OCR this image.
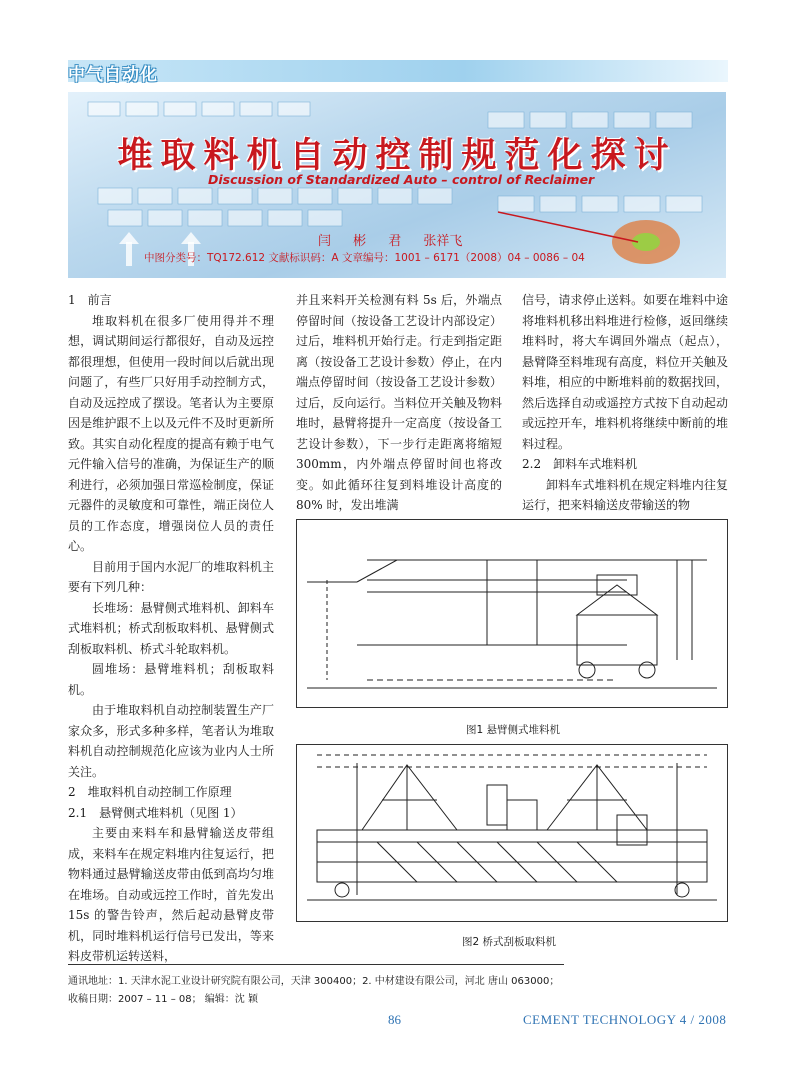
中气自动化
堆取料机自动控制规范化探讨
Discussion of Standardized Auto – control of Reclaimer
闫 彬 君 张祥飞
中图分类号：TQ172.612 文献标识码：A 文章编号：1001 – 6171（2008）04 – 0086 – 04

1　前言

堆取料机在很多厂使用得并不理想，调试期间运行都很好，自动及远控都很理想，但使用一段时间以后就出现问题了，有些厂只好用手动控制方式，自动及远控成了摆设。笔者认为主要原因是维护跟不上以及元件不及时更新所致。其实自动化程度的提高有赖于电气元件输入信号的准确，为保证生产的顺利进行，必须加强日常巡检制度，保证元器件的灵敏度和可靠性，端正岗位人员的工作态度，增强岗位人员的责任心。

目前用于国内水泥厂的堆取料机主要有下列几种：

长堆场：悬臂侧式堆料机、卸料车式堆料机；桥式刮板取料机、悬臂侧式刮板取料机、桥式斗轮取料机。

圆堆场：悬臂堆料机；刮板取料机。

由于堆取料机自动控制装置生产厂家众多，形式多种多样，笔者认为堆取料机自动控制规范化应该为业内人士所关注。

2　堆取料机自动控制工作原理

2.1　悬臂侧式堆料机（见图 1）

主要由来料车和悬臂输送皮带组成，来料车在规定料堆内往复运行，把物料通过悬臂输送皮带由低到高均匀堆在堆场。自动或远控工作时，首先发出 15s 的警告铃声，然后起动悬臂皮带机，同时堆料机运行信号已发出，等来料皮带机运转送料，

并且来料开关检测有料 5s 后，外端点停留时间（按设备工艺设计内部设定）过后，堆料机开始行走。行走到指定距离（按设备工艺设计参数）停止，在内端点停留时间（按设备工艺设计参数）过后，反向运行。当料位开关触及物料堆时，悬臂将提升一定高度（按设备工艺设计参数），下一步行走距离将缩短 300mm，内外端点停留时间也将改变。如此循环往复到料堆设计高度的 80% 时，发出堆满

信号，请求停止送料。如要在堆料中途将堆料机移出料堆进行检修，返回继续堆料时，将大车调回外端点（起点），悬臂降至料堆现有高度，料位开关触及料堆，相应的中断堆料前的数据找回，然后选择自动或遥控方式按下自动起动或远控开车，堆料机将继续中断前的堆料过程。

2.2　卸料车式堆料机

卸料车式堆料机在规定料堆内往复运行，把来料输送皮带输送的物

图1 悬臂侧式堆料机
图2 桥式刮板取料机
通讯地址：1. 天津水泥工业设计研究院有限公司，天津 300400；2. 中材建设有限公司，河北 唐山 063000；
收稿日期：2007 – 11 – 08； 编辑：沈 颖
86	CEMENT TECHNOLOGY 4 / 2008
